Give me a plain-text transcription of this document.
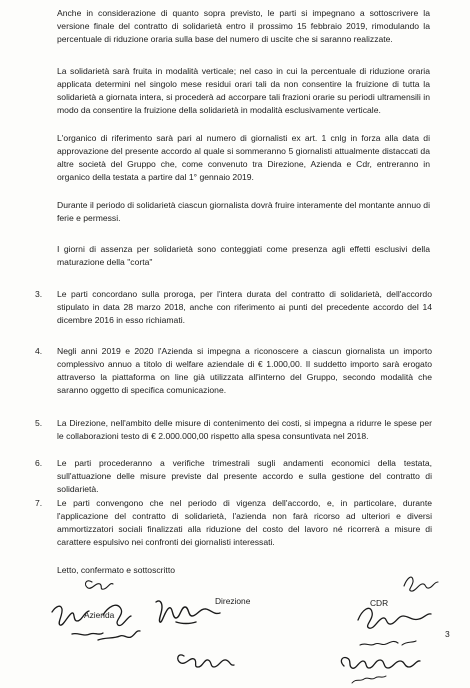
Anche in considerazione di quanto sopra previsto, le parti si impegnano a sottoscrivere la versione finale del contratto di solidarietà entro il prossimo 15 febbraio 2019, rimodulando la percentuale di riduzione oraria sulla base del numero di uscite che si saranno realizzate.

La solidarietà sarà fruita in modalità verticale; nel caso in cui la percentuale di riduzione oraria applicata determini nel singolo mese residui orari tali da non consentire la fruizione di tutta la solidarietà a giornata intera, si procederà ad accorpare tali frazioni orarie su periodi ultramensili in modo da consentire la fruizione della solidarietà in modalità esclusivamente verticale.

L'organico di riferimento sarà pari al numero di giornalisti ex art. 1 cnlg in forza alla data di approvazione del presente accordo al quale si sommeranno 5 giornalisti attualmente distaccati da altre società del Gruppo che, come convenuto tra Direzione, Azienda e Cdr, entreranno in organico della testata a partire dal 1° gennaio 2019.

Durante il periodo di solidarietà ciascun giornalista dovrà fruire interamente del montante annuo di ferie e permessi.

I giorni di assenza per solidarietà sono conteggiati come presenza agli effetti esclusivi della maturazione della "corta"

3.	Le parti concordano sulla proroga, per l'intera durata del contratto di solidarietà, dell'accordo stipulato in data 28 marzo 2018, anche con riferimento ai punti del precedente accordo del 14 dicembre 2016 in esso richiamati.

4.	Negli anni 2019 e 2020 l'Azienda si impegna a riconoscere a ciascun giornalista un importo complessivo annuo a titolo di welfare aziendale di € 1.000,00. Il suddetto importo sarà erogato attraverso la piattaforma on line già utilizzata all'interno del Gruppo, secondo modalità che saranno oggetto di specifica comunicazione.

5.	La Direzione, nell'ambito delle misure di contenimento dei costi, si impegna a ridurre le spese per le collaborazioni testo di € 2.000.000,00 rispetto alla spesa consuntivata nel 2018.

6.	Le parti procederanno a verifiche trimestrali sugli andamenti economici della testata, sull'attuazione delle misure previste dal presente accordo e sulla gestione del contratto di solidarietà.

7.	Le parti convengono che nel periodo di vigenza dell'accordo, e, in particolare, durante l'applicazione del contratto di solidarietà, l'azienda non farà ricorso ad ulteriori e diversi ammortizzatori sociali finalizzati alla riduzione del costo del lavoro né ricorrerà a misure di carattere espulsivo nei confronti dei giornalisti interessati.

Letto, confermato e sottoscritto
Azienda
Direzione	CDR
3
